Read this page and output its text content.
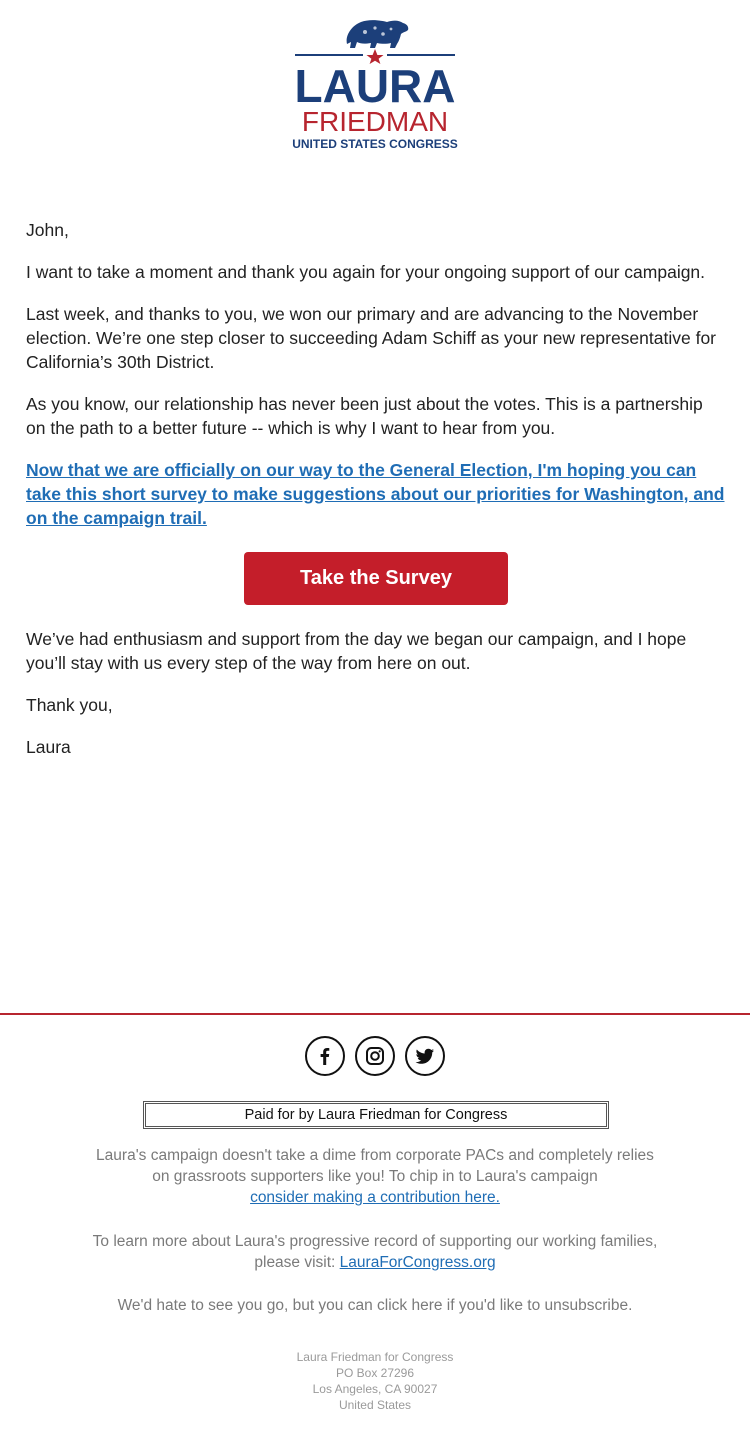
LAURA
FRIEDMAN
UNITED STATES CONGRESS

John,

I want to take a moment and thank you again for your ongoing support of our campaign.

Last week, and thanks to you, we won our primary and are advancing to the November election. We’re one step closer to succeeding Adam Schiff as your new representative for California’s 30th District.

As you know, our relationship has never been just about the votes. This is a partnership on the path to a better future -- which is why I want to hear from you.

Now that we are officially on our way to the General Election, I'm hoping you can take this short survey to make suggestions about our priorities for Washington, and on the campaign trail.

Take the Survey

We’ve had enthusiasm and support from the day we began our campaign, and I hope you’ll stay with us every step of the way from here on out.

Thank you,

Laura

Paid for by Laura Friedman for Congress
Laura's campaign doesn't take a dime from corporate PACs and completely relies on grassroots supporters like you! To chip in to Laura's campaign
consider making a contribution here.
To learn more about Laura's progressive record of supporting our working families, please visit: LauraForCongress.org
We'd hate to see you go, but you can click here if you'd like to unsubscribe.
Laura Friedman for Congress
PO Box 27296
Los Angeles, CA 90027
United States
